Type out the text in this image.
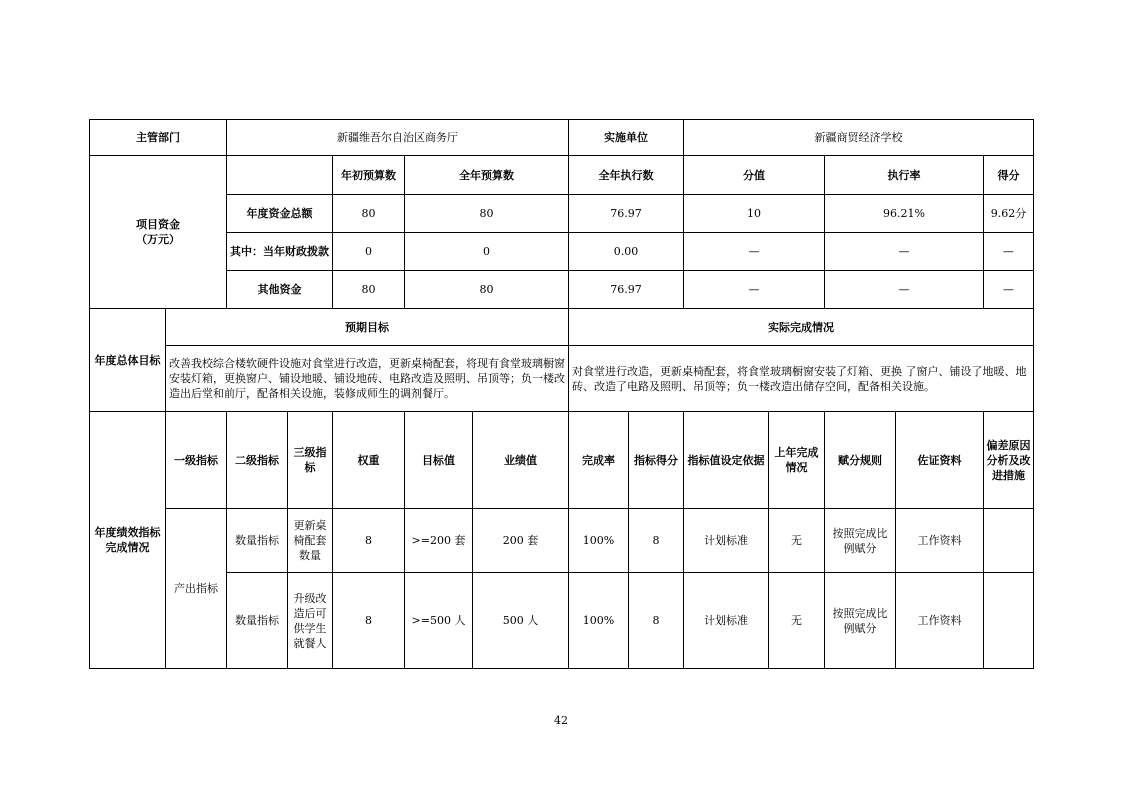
主管部门		新疆维吾尔自治区商务厅					实施单位		新疆商贸经济学校				
项目资金
（万元）				年初预算数	全年预算数		全年执行数		分值		执行率		得分
		年度资金总额		80	80		76.97		10		96.21%		9.62分
		其中：当年财政拨款		0	0		0.00		—		—		—
		其他资金		80	80		76.97		—		—		—
年度总体目标	预期目标						实际完成情况						
	改善我校综合楼软硬件设施对食堂进行改造，更新桌椅配套，将现有食堂玻璃橱窗安装灯箱，更换窗户、铺设地暖、铺设地砖、电路改造及照明、吊顶等；负一楼改造出后堂和前厅，配备相关设施，装修成师生的调剂餐厅。						对食堂进行改造，更新桌椅配套，将食堂玻璃橱窗安装了灯箱、更换 了窗户、铺设了地暖、地砖、改造了电路及照明、吊顶等；负一楼改造出储存空间，配备相关设施。						
年度绩效指标完成情况	一级指标	二级指标	三级指标	权重	目标值	业绩值	完成率	指标得分	指标值设定依据	上年完成情况	赋分规则	佐证资料	偏差原因分析及改进措施
	产出指标	数量指标	更新桌椅配套数量	8	>=200 套	200 套	100%	8	计划标准	无	按照完成比例赋分	工作资料	
		数量指标	升级改造后可供学生就餐人	8	>=500 人	500 人	100%	8	计划标准	无	按照完成比例赋分	工作资料	
42
